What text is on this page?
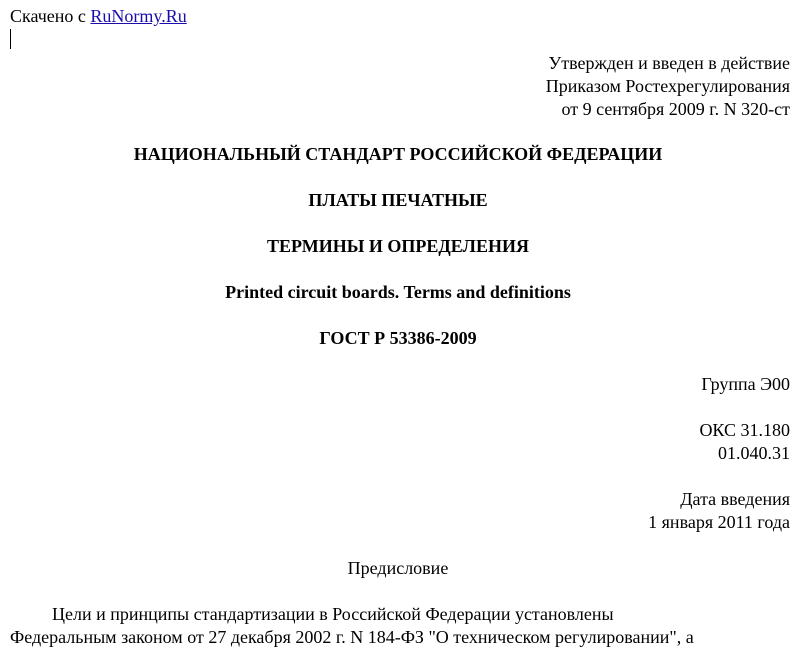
Скачено с RuNormy.Ru
Утвержден и введен в действие
Приказом Ростехрегулирования
от 9 сентября 2009 г. N 320-ст
НАЦИОНАЛЬНЫЙ СТАНДАРТ РОССИЙСКОЙ ФЕДЕРАЦИИ
ПЛАТЫ ПЕЧАТНЫЕ
ТЕРМИНЫ И ОПРЕДЕЛЕНИЯ
Printed circuit boards. Terms and definitions
ГОСТ Р 53386-2009
Группа Э00
ОКС 31.180
01.040.31
Дата введения
1 января 2011 года
Предисловие
Цели и принципы стандартизации в Российской Федерации установлены
Федеральным законом от 27 декабря 2002 г. N 184-ФЗ "О техническом регулировании", а
